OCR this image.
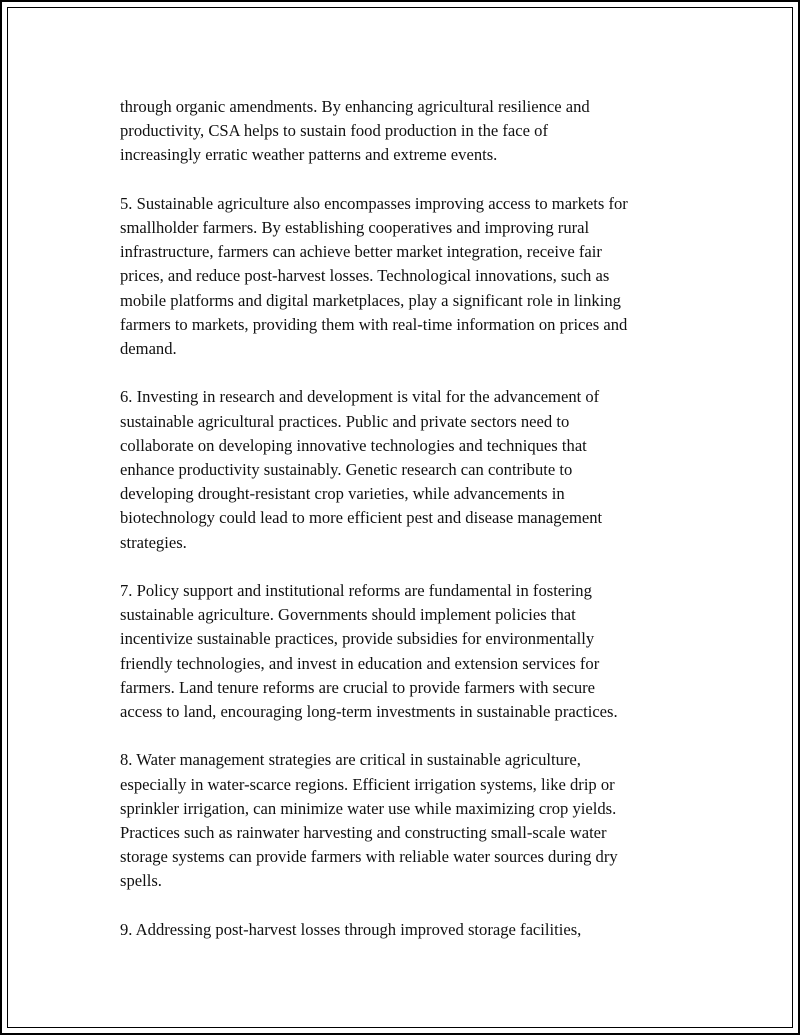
through organic amendments. By enhancing agricultural resilience and
productivity, CSA helps to sustain food production in the face of
increasingly erratic weather patterns and extreme events.

5. Sustainable agriculture also encompasses improving access to markets for
smallholder farmers. By establishing cooperatives and improving rural
infrastructure, farmers can achieve better market integration, receive fair
prices, and reduce post-harvest losses. Technological innovations, such as
mobile platforms and digital marketplaces, play a significant role in linking
farmers to markets, providing them with real-time information on prices and
demand.

6. Investing in research and development is vital for the advancement of
sustainable agricultural practices. Public and private sectors need to
collaborate on developing innovative technologies and techniques that
enhance productivity sustainably. Genetic research can contribute to
developing drought-resistant crop varieties, while advancements in
biotechnology could lead to more efficient pest and disease management
strategies.

7. Policy support and institutional reforms are fundamental in fostering
sustainable agriculture. Governments should implement policies that
incentivize sustainable practices, provide subsidies for environmentally
friendly technologies, and invest in education and extension services for
farmers. Land tenure reforms are crucial to provide farmers with secure
access to land, encouraging long-term investments in sustainable practices.

8. Water management strategies are critical in sustainable agriculture,
especially in water-scarce regions. Efficient irrigation systems, like drip or
sprinkler irrigation, can minimize water use while maximizing crop yields.
Practices such as rainwater harvesting and constructing small-scale water
storage systems can provide farmers with reliable water sources during dry
spells.

9. Addressing post-harvest losses through improved storage facilities,
